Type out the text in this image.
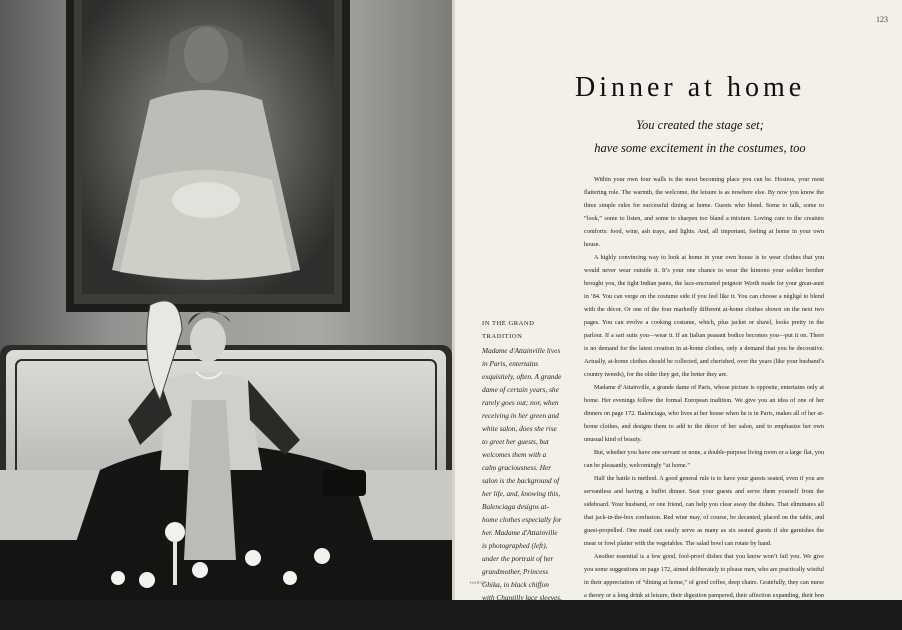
123
Dinner at home
You created the stage set;
have some excitement in the costumes, too
IN THE GRAND TRADITION
Madame d'Attainville lives in Paris, entertains exquisitely, often. A grande dame of certain years, she rarely goes out; nor, when receiving in her green and white salon, does she rise to greet her guests, but welcomes them with a calm graciousness. Her salon is the background of her life, and, knowing this, Balenciaga designs at-home clothes especially for her. Madame d'Attainville is photographed (left), under the portrait of her grandmother, Princess Ghika, in black chiffon with Chantilly lace sleeves, shoulder-to-hem panel of cool, silvery grey.

Within your own four walls is the most becoming place you can be. Hostess, your most flattering role. The warmth, the welcome, the leisure is as nowhere else. By now you know the three simple rules for successful dining at home. Guests who blend. Some to talk, some to “look,” some to listen, and some to sharpen too bland a mixture. Loving care to the creature comforts: food, wine, ash trays, and lights. And, all important, feeling at home in your own house.

A highly convincing way to look at home in your own house is to wear clothes that you would never wear outside it. It’s your one chance to wear the kimono your soldier brother brought you, the tight Indian pants, the lace-encrusted peignoir Worth made for your great-aunt in ’84. You can verge on the costume side if you feel like it. You can choose a négligé to blend with the décor. Or one of the four markedly different at-home clothes shown on the next two pages. You can evolve a cooking costume, which, plus jacket or shawl, looks pretty in the parlour. If a sari suits you—wear it. If an Italian peasant bodice becomes you—put it on. There is no demand for the latest creation in at-home clothes, only a demand that you be decorative. Actually, at-home clothes should be collected, and cherished, over the years (like your husband’s country tweeds), for the older they get, the better they are.

Madame d’Attainville, a grande dame of Paris, whose picture is opposite, entertains only at home. Her evenings follow the formal European tradition. We give you an idea of one of her dinners on page 172. Balenciaga, who lives at her house when he is in Paris, makes all of her at-home clothes, and designs them to add to the décor of her salon, and to emphasize her own unusual kind of beauty.

But, whether you have one servant or none, a double-purpose living room or a large flat, you can be pleasantly, welcomingly “at home.”

Half the battle is method. A good general rule is to have your guests seated, even if you are servantless and having a buffet dinner. Seat your guests and serve them yourself from the sideboard. Your husband, or one friend, can help you clear away the dishes. That eliminates all that jack-in-the-box confusion. Red wine may, of course, be decanted, placed on the table, and guest-propelled. One maid can easily serve as many as six seated guests if she garnishes the meat or fowl platter with the vegetables. The salad bowl can rotate by hand.

Another essential is a few good, fool-proof dishes that you know won’t fail you. We give you some suggestions on page 172, aimed deliberately to please men, who are practically wistful in their appreciation of “dining at home,” of good coffee, deep chairs. Gratefully, they can nurse a theory or a long drink at leisure, their digestion pampered, their affection expanding, their bon mots audible. Remember that you, yourself, create that precious circumambience of leisure, comfort, and calm which, paradoxically, seems able to create animation and wit and excitement.

HORST
